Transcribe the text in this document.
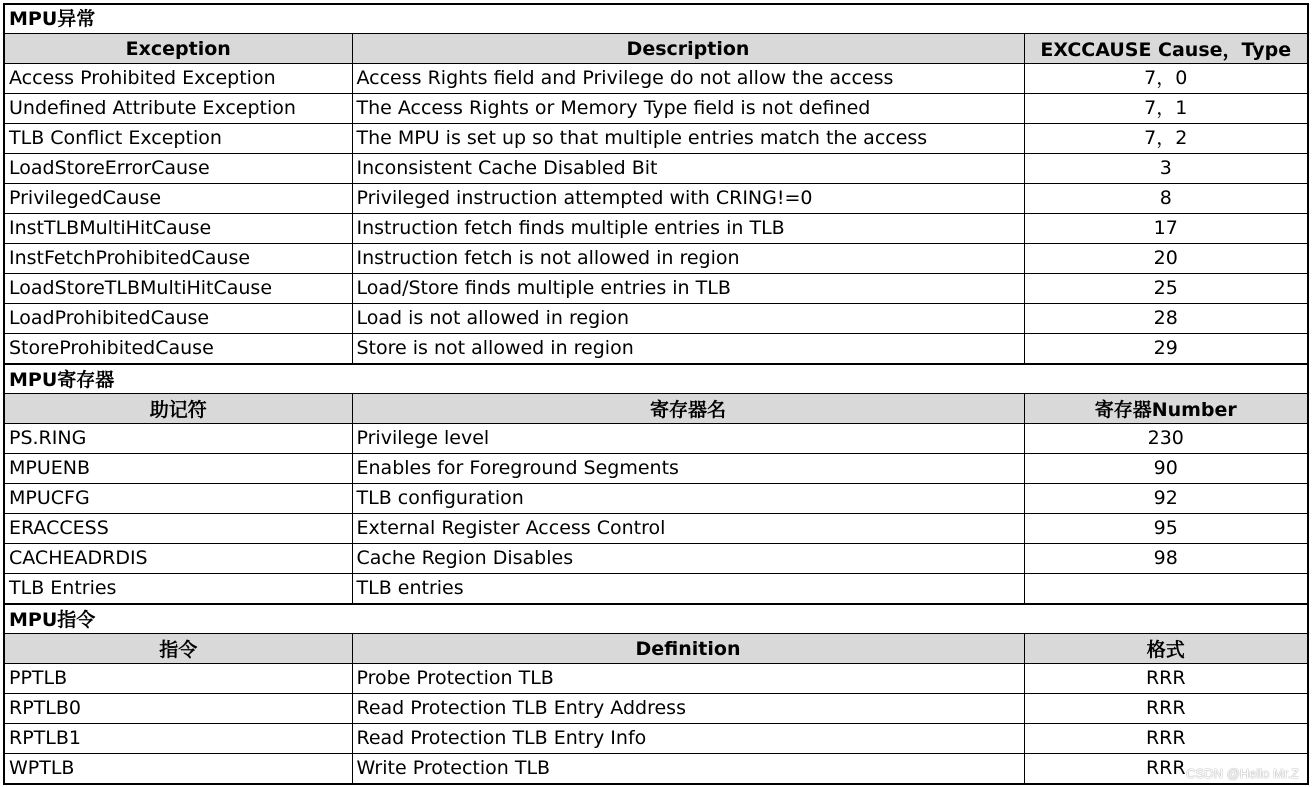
MPU异常
Exception	Description	EXCCAUSE Cause，Type
Access Prohibited Exception	Access Rights field and Privilege do not allow the access	7，0
Undefined Attribute Exception	The Access Rights or Memory Type field is not defined	7，1
TLB Conflict Exception	The MPU is set up so that multiple entries match the access	7，2
LoadStoreErrorCause	Inconsistent Cache Disabled Bit	3
PrivilegedCause	Privileged instruction attempted with CRING!=0	8
InstTLBMultiHitCause	Instruction fetch finds multiple entries in TLB	17
InstFetchProhibitedCause	Instruction fetch is not allowed in region	20
LoadStoreTLBMultiHitCause	Load/Store finds multiple entries in TLB	25
LoadProhibitedCause	Load is not allowed in region	28
StoreProhibitedCause	Store is not allowed in region	29
MPU寄存器
助记符	寄存器名	寄存器Number
PS.RING	Privilege level	230
MPUENB	Enables for Foreground Segments	90
MPUCFG	TLB configuration	92
ERACCESS	External Register Access Control	95
CACHEADRDIS	Cache Region Disables	98
TLB Entries	TLB entries	
MPU指令
指令	Definition	格式
PPTLB	Probe Protection TLB	RRR
RPTLB0	Read Protection TLB Entry Address	RRR
RPTLB1	Read Protection TLB Entry Info	RRR
WPTLB	Write Protection TLB	RRR CSDN @Hello Mr.Z
